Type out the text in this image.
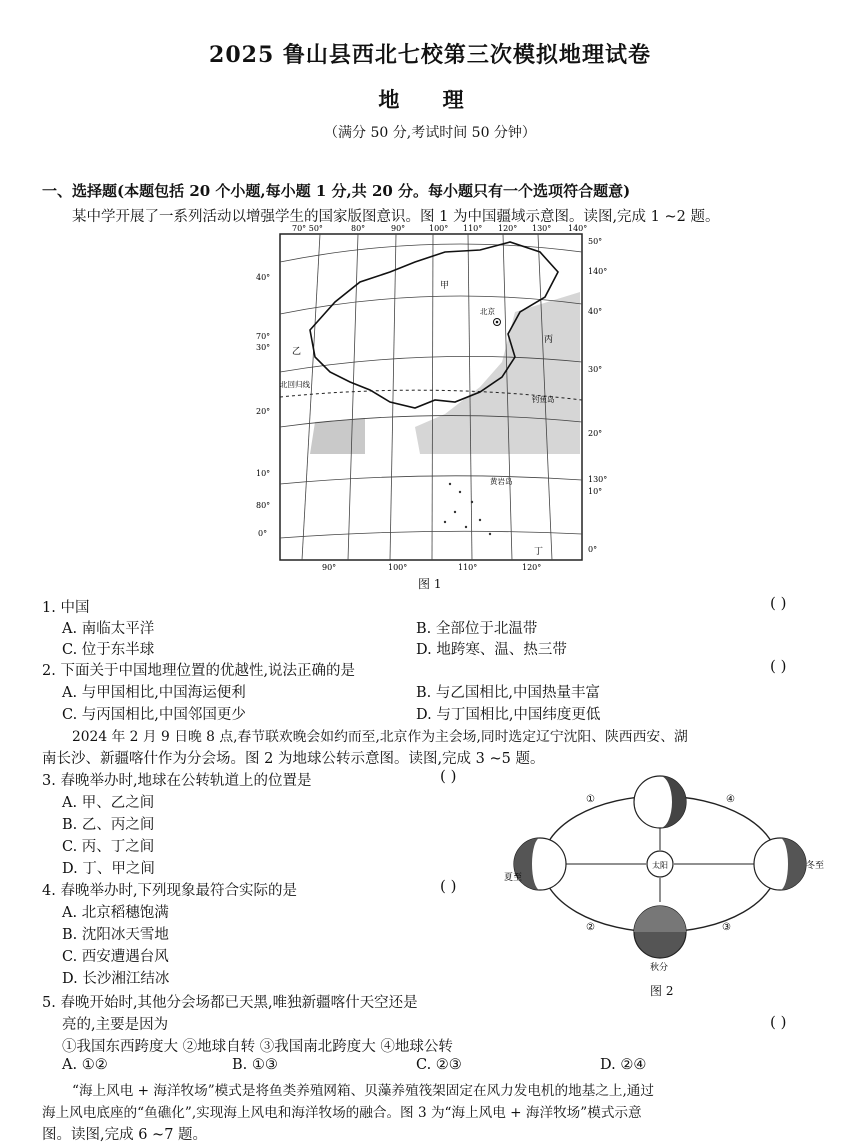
2025 鲁山县西北七校第三次模拟地理试卷
地 理
（满分 50 分,考试时间 50 分钟）
一、选择题(本题包括 20 个小题,每小题 1 分,共 20 分。每小题只有一个选项符合题意)
某中学开展了一系列活动以增强学生的国家版图意识。图 1 为中国疆域示意图。读图,完成 1 ~2 题。
70° 50°	80°	90°	100° 110° 120° 130° 140°
40°
70°
30°
20°
10°
80°
0°
50°
140°
40°
30°
20°
130°
10°
0°
甲
乙
丙
丁
北京
北回归线
钓鱼岛
黄岩岛
90°	100°	110°	120°
图 1
1. 中国	( )
A. 南临太平洋	B. 全部位于北温带
C. 位于东半球	D. 地跨寒、温、热三带
2. 下面关于中国地理位置的优越性,说法正确的是	( )
A. 与甲国相比,中国海运便利	B. 与乙国相比,中国热量丰富
C. 与丙国相比,中国邻国更少	D. 与丁国相比,中国纬度更低
2024 年 2 月 9 日晚 8 点,春节联欢晚会如约而至,北京作为主会场,同时选定辽宁沈阳、陕西西安、湖
南长沙、新疆喀什作为分会场。图 2 为地球公转示意图。读图,完成 3 ~5 题。
3. 春晚举办时,地球在公转轨道上的位置是	( )
A. 甲、乙之间
B. 乙、丙之间
C. 丙、丁之间
D. 丁、甲之间
4. 春晚举办时,下列现象最符合实际的是	( )
A. 北京稻穗饱满
B. 沈阳冰天雪地
C. 西安遭遇台风
D. 长沙湘江结冰
5. 春晚开始时,其他分会场都已天黑,唯独新疆喀什天空还是
亮的,主要是因为	( )
①我国东西跨度大 ②地球自转 ③我国南北跨度大 ④地球公转
A. ①②	B. ①③	C. ②③	D. ②④
“海上风电 + 海洋牧场”模式是将鱼类养殖网箱、贝藻养殖筏架固定在风力发电机的地基之上,通过
海上风电底座的“鱼礁化”,实现海上风电和海洋牧场的融合。图 3 为“海上风电 + 海洋牧场”模式示意
图。读图,完成 6 ~7 题。
太阳
①	④
②	③
夏至
冬至
秋分
图 2
